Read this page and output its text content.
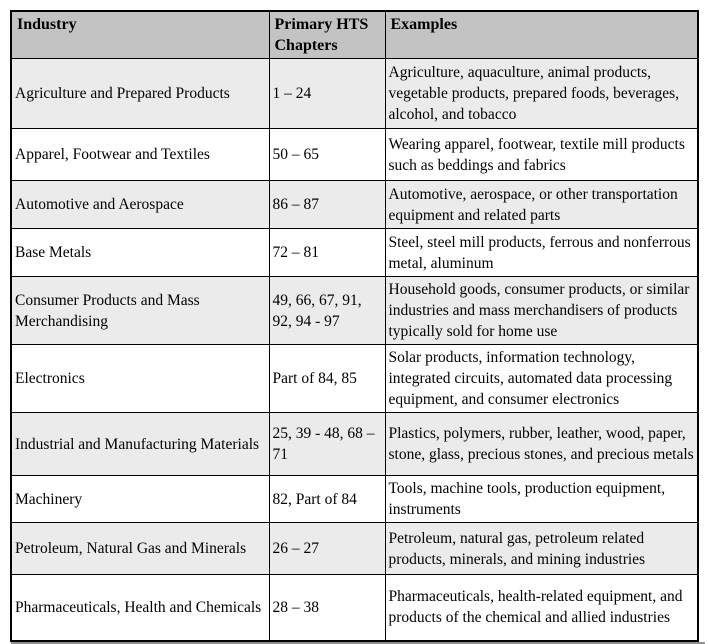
Industry	Primary HTS Chapters	Examples
Agriculture and Prepared Products	1 – 24	Agriculture, aquaculture, animal products, vegetable products, prepared foods, beverages, alcohol, and tobacco
Apparel, Footwear and Textiles	50 – 65	Wearing apparel, footwear, textile mill products such as beddings and fabrics
Automotive and Aerospace	86 – 87	Automotive, aerospace, or other transportation equipment and related parts
Base Metals	72 – 81	Steel, steel mill products, ferrous and nonferrous metal, aluminum
Consumer Products and Mass Merchandising	49, 66, 67, 91, 92, 94 - 97	Household goods, consumer products, or similar industries and mass merchandisers of products typically sold for home use
Electronics	Part of 84, 85	Solar products, information technology, integrated circuits, automated data processing equipment, and consumer electronics
Industrial and Manufacturing Materials	25, 39 - 48, 68 – 71	Plastics, polymers, rubber, leather, wood, paper, stone, glass, precious stones, and precious metals
Machinery	82, Part of 84	Tools, machine tools, production equipment, instruments
Petroleum, Natural Gas and Minerals	26 – 27	Petroleum, natural gas, petroleum related products, minerals, and mining industries
Pharmaceuticals, Health and Chemicals	28 – 38	Pharmaceuticals, health-related equipment, and products of the chemical and allied industries
